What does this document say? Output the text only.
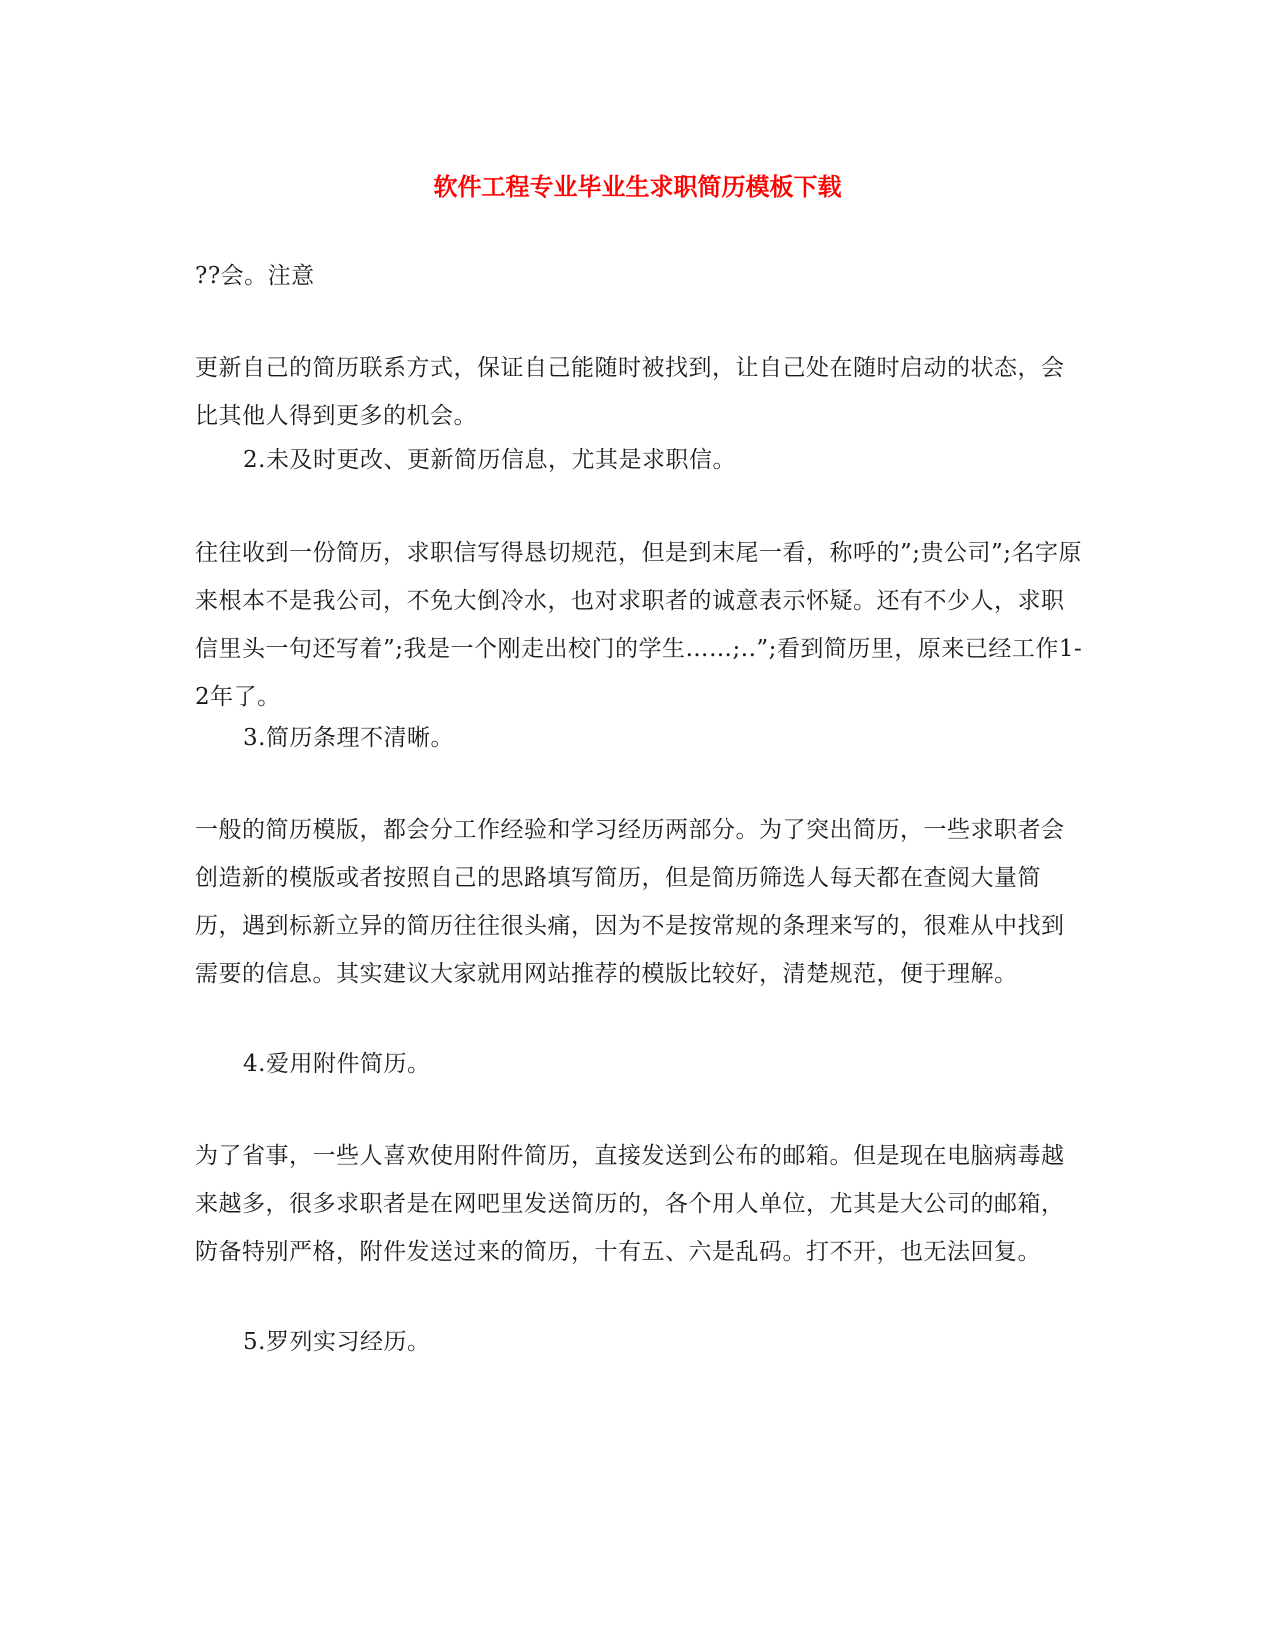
软件工程专业毕业生求职简历模板下载
??会。注意
更新自己的简历联系方式，保证自己能随时被找到，让自己处在随时启动的状态，会比其他人得到更多的机会。
2.未及时更改、更新简历信息，尤其是求职信。
往往收到一份简历，求职信写得恳切规范，但是到末尾一看，称呼的”;贵公司”;名字原来根本不是我公司，不免大倒冷水，也对求职者的诚意表示怀疑。还有不少人，求职信里头一句还写着”;我是一个刚走出校门的学生……;..”;看到简历里，原来已经工作1-2年了。
3.简历条理不清晰。
一般的简历模版，都会分工作经验和学习经历两部分。为了突出简历，一些求职者会创造新的模版或者按照自己的思路填写简历，但是简历筛选人每天都在查阅大量简历，遇到标新立异的简历往往很头痛，因为不是按常规的条理来写的，很难从中找到需要的信息。其实建议大家就用网站推荐的模版比较好，清楚规范，便于理解。
4.爱用附件简历。
为了省事，一些人喜欢使用附件简历，直接发送到公布的邮箱。但是现在电脑病毒越来越多，很多求职者是在网吧里发送简历的，各个用人单位，尤其是大公司的邮箱，防备特别严格，附件发送过来的简历，十有五、六是乱码。打不开，也无法回复。
5.罗列实习经历。
